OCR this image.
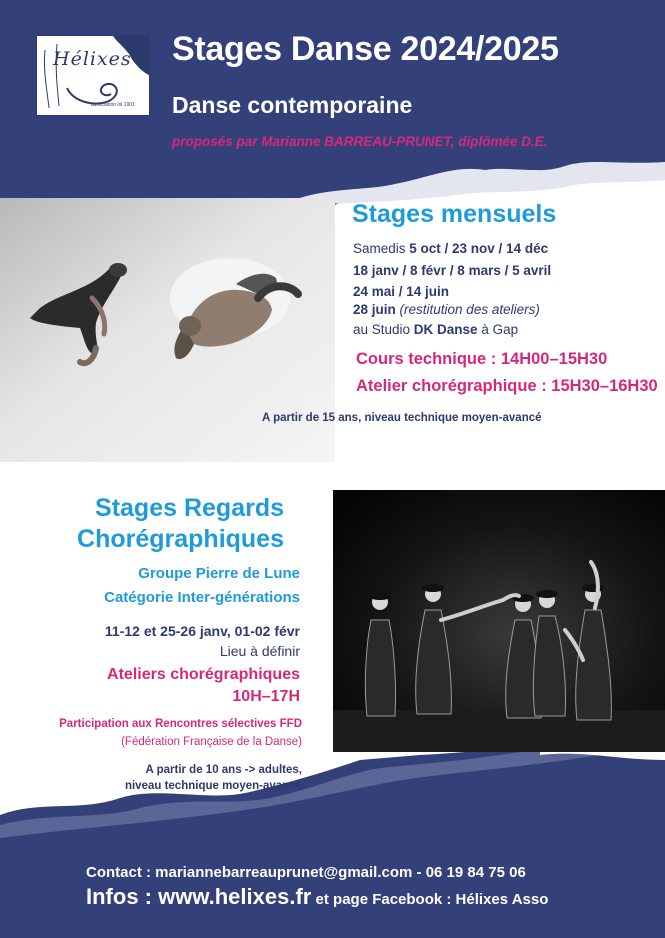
Hélixes
association loi 1901
Stages Danse 2024/2025
Danse contemporaine
proposés par Marianne BARREAU-PRUNET, diplômée D.E.
Stages mensuels
Samedis 5 oct / 23 nov / 14 déc
18 janv / 8 févr / 8 mars / 5 avril
24 mai / 14 juin
28 juin (restitution des ateliers)
au Studio DK Danse à Gap
Cours technique : 14H00–15H30
Atelier chorégraphique : 15H30–16H30
A partir de 15 ans, niveau technique moyen-avancé
Stages Regards
Chorégraphiques
Groupe Pierre de Lune
Catégorie Inter-générations
11-12 et 25-26 janv, 01-02 févr
Lieu à définir
Ateliers chorégraphiques
10H–17H
Participation aux Rencontres sélectives FFD
(Fédération Française de la Danse)
A partir de 10 ans -> adultes,
niveau technique moyen-avancé
Contact : mariannebarreauprunet@gmail.com - 06 19 84 75 06
Infos : www.helixes.fr et page Facebook : Hélixes Asso
